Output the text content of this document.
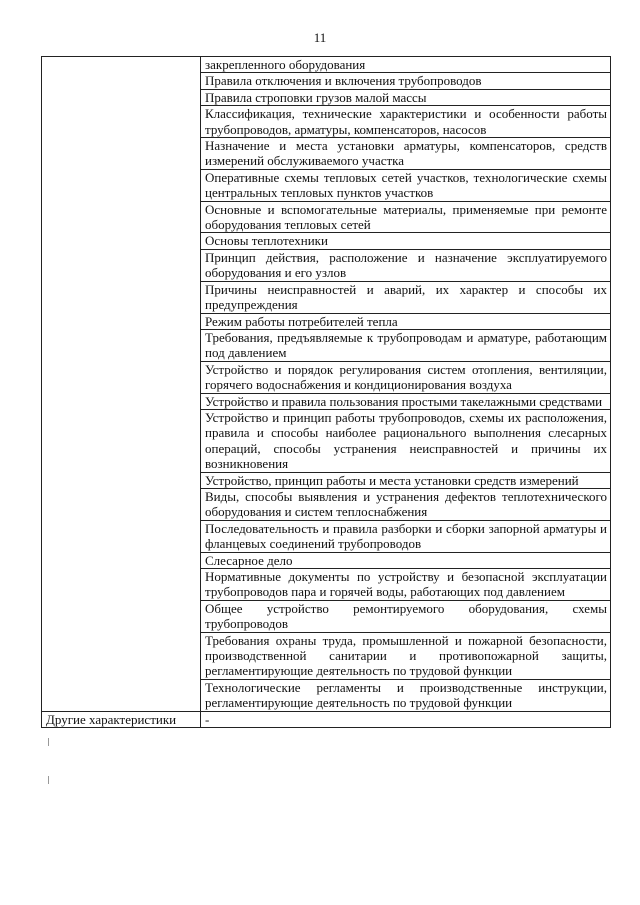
11
	закрепленного оборудования
	Правила отключения и включения трубопроводов
	Правила строповки грузов малой массы
	Классификация, технические характеристики и особенности работы трубопроводов, арматуры, компенсаторов, насосов
	Назначение и места установки арматуры, компенсаторов, средств измерений обслуживаемого участка
	Оперативные схемы тепловых сетей участков, технологические схемы центральных тепловых пунктов участков
	Основные и вспомогательные материалы, применяемые при ремонте оборудования тепловых сетей
	Основы теплотехники
	Принцип действия, расположение и назначение эксплуатируемого оборудования и его узлов
	Причины неисправностей и аварий, их характер и способы их предупреждения
	Режим работы потребителей тепла
	Требования, предъявляемые к трубопроводам и арматуре, работающим под давлением
	Устройство и порядок регулирования систем отопления, вентиляции, горячего водоснабжения и кондиционирования воздуха
	Устройство и правила пользования простыми такелажными средствами
	Устройство и принцип работы трубопроводов, схемы их расположения, правила и способы наиболее рационального выполнения слесарных операций, способы устранения неисправностей и причины их возникновения
	Устройство, принцип работы и места установки средств измерений
	Виды, способы выявления и устранения дефектов теплотехнического оборудования и систем теплоснабжения
	Последовательность и правила разборки и сборки запорной арматуры и фланцевых соединений трубопроводов
	Слесарное дело
	Нормативные документы по устройству и безопасной эксплуатации трубопроводов пара и горячей воды, работающих под давлением
	Общее устройство ремонтируемого оборудования, схемы трубопроводов
	Требования охраны труда, промышленной и пожарной безопасности, производственной санитарии и противопожарной защиты, регламентирующие деятельность по трудовой функции
	Технологические регламенты и производственные инструкции, регламентирующие деятельность по трудовой функции
Другие характеристики	-
